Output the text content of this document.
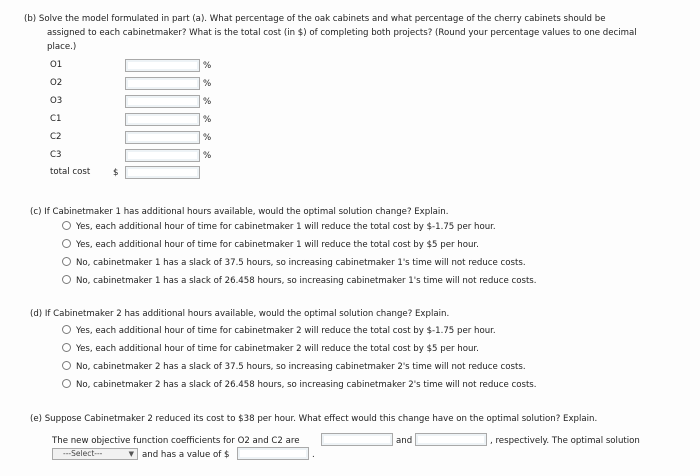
(b) Solve the model formulated in part (a). What percentage of the oak cabinets and what percentage of the cherry cabinets should be
assigned to each cabinetmaker? What is the total cost (in $) of completing both projects? (Round your percentage values to one decimal
place.)
O1	%
O2	%
O3	%
C1	%
C2	%
C3	%
total cost	$
(c) If Cabinetmaker 1 has additional hours available, would the optimal solution change? Explain.
Yes, each additional hour of time for cabinetmaker 1 will reduce the total cost by $-1.75 per hour.
Yes, each additional hour of time for cabinetmaker 1 will reduce the total cost by $5 per hour.
No, cabinetmaker 1 has a slack of 37.5 hours, so increasing cabinetmaker 1's time will not reduce costs.
No, cabinetmaker 1 has a slack of 26.458 hours, so increasing cabinetmaker 1's time will not reduce costs.
(d) If Cabinetmaker 2 has additional hours available, would the optimal solution change? Explain.
Yes, each additional hour of time for cabinetmaker 2 will reduce the total cost by $-1.75 per hour.
Yes, each additional hour of time for cabinetmaker 2 will reduce the total cost by $5 per hour.
No, cabinetmaker 2 has a slack of 37.5 hours, so increasing cabinetmaker 2's time will not reduce costs.
No, cabinetmaker 2 has a slack of 26.458 hours, so increasing cabinetmaker 2's time will not reduce costs.
(e) Suppose Cabinetmaker 2 reduced its cost to $38 per hour. What effect would this change have on the optimal solution? Explain.
The new objective function coefficients for O2 and C2 are	and	, respectively. The optimal solution
---Select---	▼ and has a value of $	.
